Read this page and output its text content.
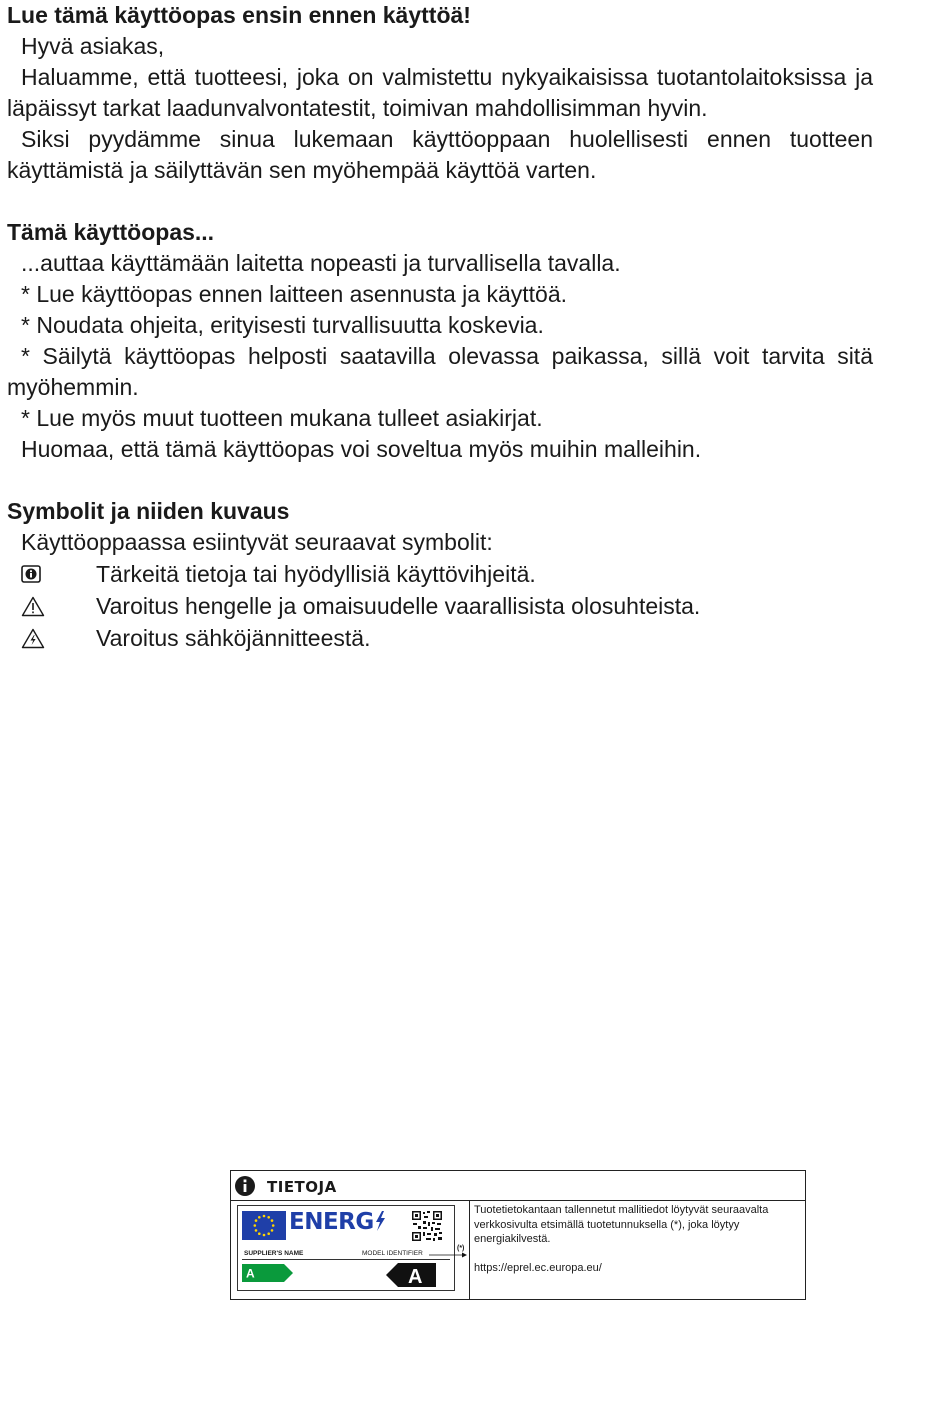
Lue tämä käyttöopas ensin ennen käyttöä!

Hyvä asiakas,

Haluamme, että tuotteesi, joka on valmistettu nykyaikaisissa tuotantolaitoksissa ja läpäissyt tarkat laadunvalvontatestit, toimivan mahdollisimman hyvin.

Siksi pyydämme sinua lukemaan käyttöoppaan huolellisesti ennen tuotteen käyttämistä ja säilyttävän sen myöhempää käyttöä varten.

Tämä käyttöopas...

...auttaa käyttämään laitetta nopeasti ja turvallisella tavalla.

* Lue käyttöopas ennen laitteen asennusta ja käyttöä.

* Noudata ohjeita, erityisesti turvallisuutta koskevia.

* Säilytä käyttöopas helposti saatavilla olevassa paikassa, sillä voit tarvita sitä myöhemmin.

* Lue myös muut tuotteen mukana tulleet asiakirjat.

Huomaa, että tämä käyttöopas voi soveltua myös muihin malleihin.

Symbolit ja niiden kuvaus

Käyttöoppaassa esiintyvät seuraavat symbolit:

Tärkeitä tietoja tai hyödyllisiä käyttövihjeitä.
Varoitus hengelle ja omaisuudelle vaarallisista olosuhteista.
Varoitus sähköjännitteestä.
TIETOJA
ENERG
SUPPLIER'S NAME	MODEL IDENTIFIER
A	A
(*)

Tuotetietokantaan tallennetut mallitiedot löytyvät seuraavalta verkkosivulta etsimällä tuotetunnuksella (*), joka löytyy energiakilvestä.

https://eprel.ec.europa.eu/
